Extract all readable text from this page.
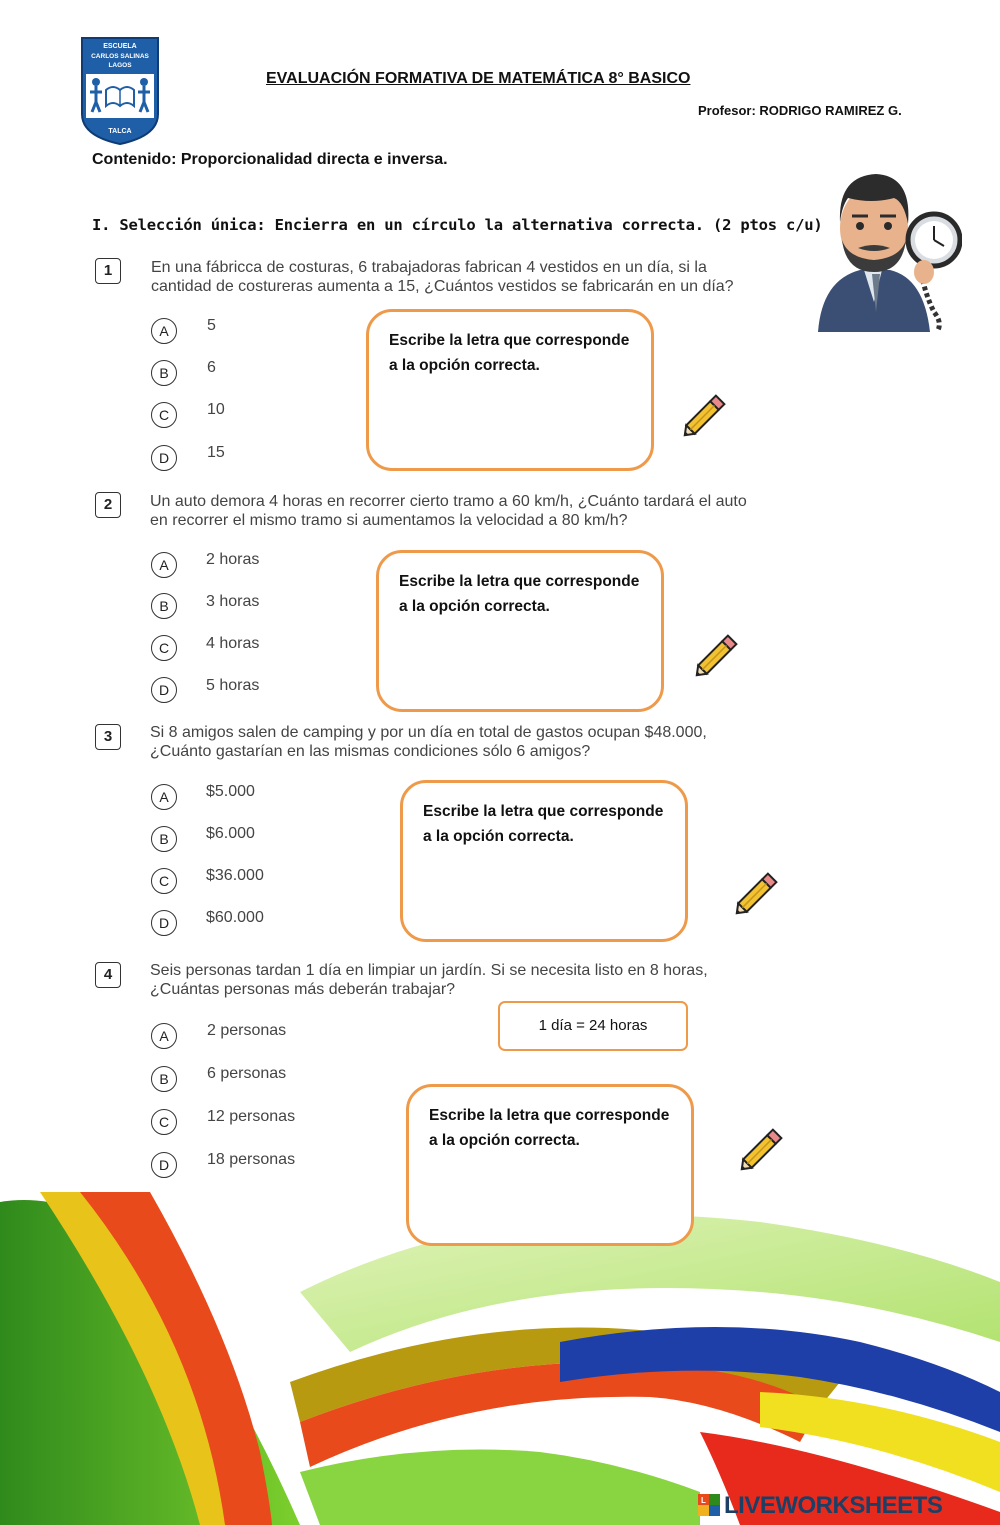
ESCUELA
CARLOS SALINAS
LAGOS
TALCA
EVALUACIÓN FORMATIVA DE MATEMÁTICA 8° BASICO
Profesor: RODRIGO RAMIREZ G.
Contenido: Proporcionalidad directa e inversa.
I. Selección única: Encierra en un círculo la alternativa correcta. (2 ptos c/u)
1	En una fábricca de costuras, 6 trabajadoras fabrican 4 vestidos en un día, si la
cantidad de costureras aumenta a 15, ¿Cuántos vestidos se fabricarán en un día?
A	5
B	6
C	10
D	15
Escribe la letra que corresponde
a la opción correcta.
2	Un auto demora 4 horas en recorrer cierto tramo a 60 km/h, ¿Cuánto tardará el auto
en recorrer el mismo tramo si aumentamos la velocidad a 80 km/h?
A	2 horas
B	3 horas
C	4 horas
D	5 horas
Escribe la letra que corresponde
a la opción correcta.
3	Si 8 amigos salen de camping y por un día en total de gastos ocupan $48.000,
¿Cuánto gastarían en las mismas condiciones sólo 6 amigos?
A	$5.000
B	$6.000
C	$36.000
D	$60.000
Escribe la letra que corresponde
a la opción correcta.
4	Seis personas tardan 1 día en limpiar un jardín. Si se necesita listo en 8 horas,
¿Cuántas personas más deberán trabajar?
1 día = 24 horas
A	2 personas
B	6 personas
C	12 personas
D	18 personas
Escribe la letra que corresponde
a la opción correcta.
L LIVEWORKSHEETS
